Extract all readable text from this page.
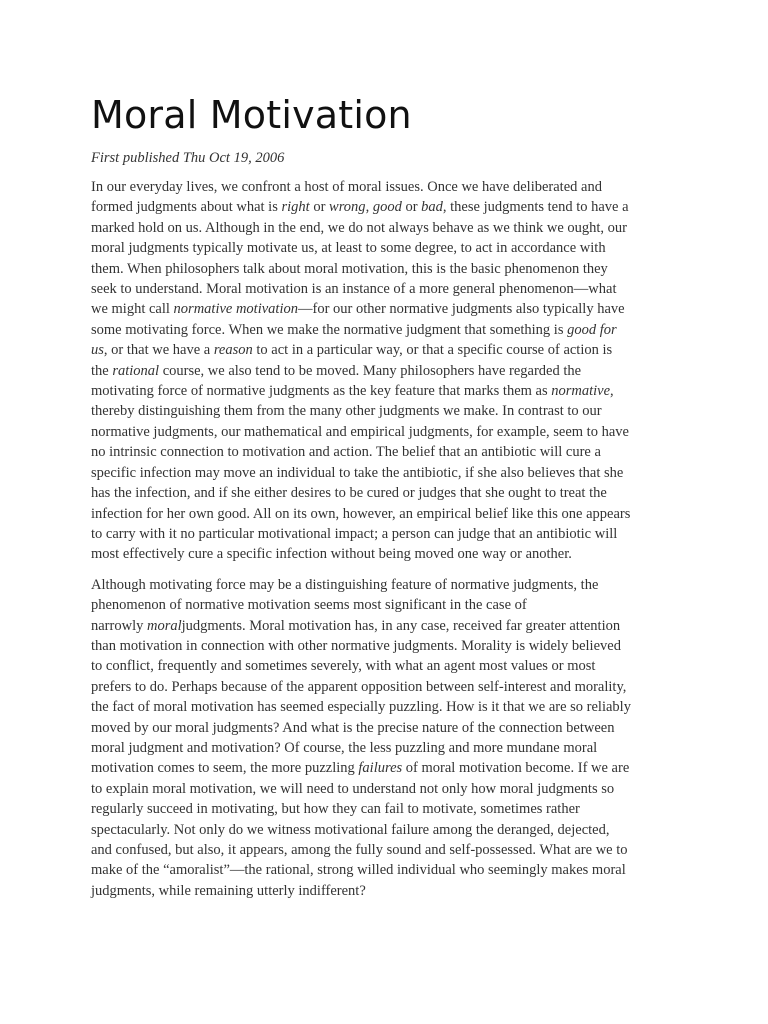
Moral Motivation

First published Thu Oct 19, 2006

In our everyday lives, we confront a host of moral issues. Once we have deliberated and
formed judgments about what is right or wrong, good or bad, these judgments tend to have a
marked hold on us. Although in the end, we do not always behave as we think we ought, our
moral judgments typically motivate us, at least to some degree, to act in accordance with
them. When philosophers talk about moral motivation, this is the basic phenomenon they
seek to understand. Moral motivation is an instance of a more general phenomenon—what
we might call normative motivation—for our other normative judgments also typically have
some motivating force. When we make the normative judgment that something is good for
us, or that we have a reason to act in a particular way, or that a specific course of action is
the rational course, we also tend to be moved. Many philosophers have regarded the
motivating force of normative judgments as the key feature that marks them as normative,
thereby distinguishing them from the many other judgments we make. In contrast to our
normative judgments, our mathematical and empirical judgments, for example, seem to have
no intrinsic connection to motivation and action. The belief that an antibiotic will cure a
specific infection may move an individual to take the antibiotic, if she also believes that she
has the infection, and if she either desires to be cured or judges that she ought to treat the
infection for her own good. All on its own, however, an empirical belief like this one appears
to carry with it no particular motivational impact; a person can judge that an antibiotic will
most effectively cure a specific infection without being moved one way or another.

Although motivating force may be a distinguishing feature of normative judgments, the
phenomenon of normative motivation seems most significant in the case of
narrowly moraljudgments. Moral motivation has, in any case, received far greater attention
than motivation in connection with other normative judgments. Morality is widely believed
to conflict, frequently and sometimes severely, with what an agent most values or most
prefers to do. Perhaps because of the apparent opposition between self-interest and morality,
the fact of moral motivation has seemed especially puzzling. How is it that we are so reliably
moved by our moral judgments? And what is the precise nature of the connection between
moral judgment and motivation? Of course, the less puzzling and more mundane moral
motivation comes to seem, the more puzzling failures of moral motivation become. If we are
to explain moral motivation, we will need to understand not only how moral judgments so
regularly succeed in motivating, but how they can fail to motivate, sometimes rather
spectacularly. Not only do we witness motivational failure among the deranged, dejected,
and confused, but also, it appears, among the fully sound and self-possessed. What are we to
make of the “amoralist”—the rational, strong willed individual who seemingly makes moral
judgments, while remaining utterly indifferent?
